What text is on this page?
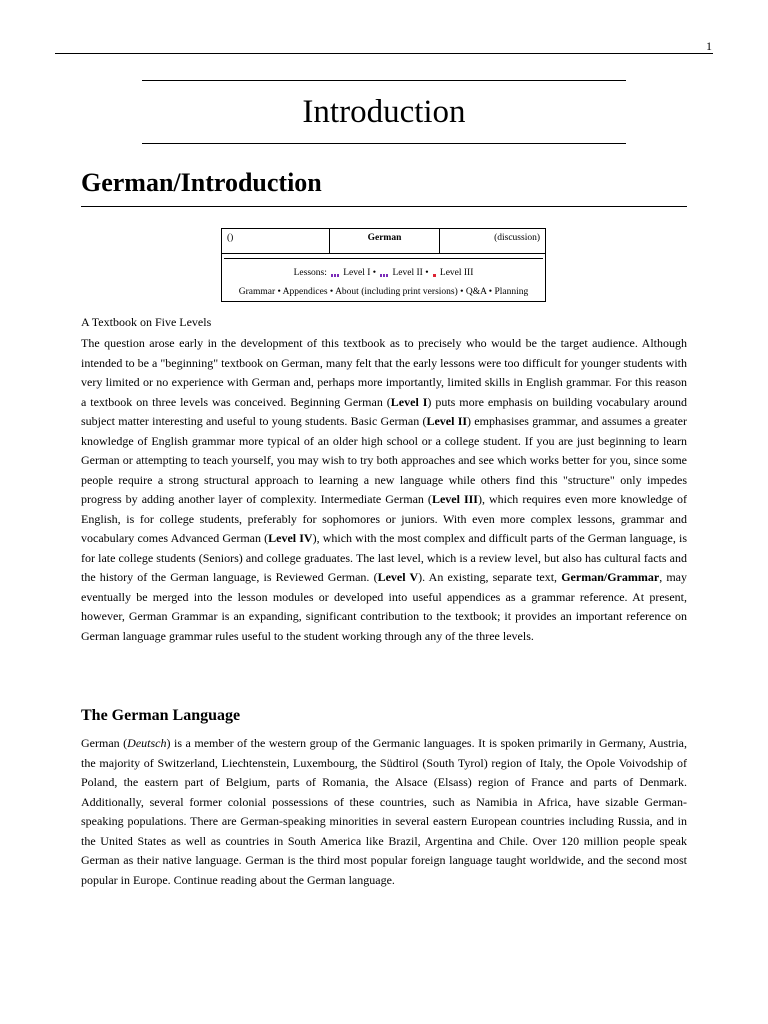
1
Introduction
German/Introduction
()	German	(discussion)
Lessons: Level I • Level II • Level III
Grammar • Appendices • About (including print versions) • Q&A • Planning
A Textbook on Five Levels

The question arose early in the development of this textbook as to precisely who would be the target audience. Although intended to be a "beginning" textbook on German, many felt that the early lessons were too difficult for younger students with very limited or no experience with German and, perhaps more importantly, limited skills in English grammar. For this reason a textbook on three levels was conceived. Beginning German (Level I) puts more emphasis on building vocabulary around subject matter interesting and useful to young students. Basic German (Level II) emphasises grammar, and assumes a greater knowledge of English grammar more typical of an older high school or a college student. If you are just beginning to learn German or attempting to teach yourself, you may wish to try both approaches and see which works better for you, since some people require a strong structural approach to learning a new language while others find this "structure" only impedes progress by adding another layer of complexity. Intermediate German (Level III), which requires even more knowledge of English, is for college students, preferably for sophomores or juniors. With even more complex lessons, grammar and vocabulary comes Advanced German (Level IV), which with the most complex and difficult parts of the German language, is for late college students (Seniors) and college graduates. The last level, which is a review level, but also has cultural facts and the history of the German language, is Reviewed German. (Level V). An existing, separate text, German/Grammar, may eventually be merged into the lesson modules or developed into useful appendices as a grammar reference. At present, however, German Grammar is an expanding, significant contribution to the textbook; it provides an important reference on German language grammar rules useful to the student working through any of the three levels.

The German Language

German (Deutsch) is a member of the western group of the Germanic languages. It is spoken primarily in Germany, Austria, the majority of Switzerland, Liechtenstein, Luxembourg, the Südtirol (South Tyrol) region of Italy, the Opole Voivodship of Poland, the eastern part of Belgium, parts of Romania, the Alsace (Elsass) region of France and parts of Denmark. Additionally, several former colonial possessions of these countries, such as Namibia in Africa, have sizable German-speaking populations. There are German-speaking minorities in several eastern European countries including Russia, and in the United States as well as countries in South America like Brazil, Argentina and Chile. Over 120 million people speak German as their native language. German is the third most popular foreign language taught worldwide, and the second most popular in Europe. Continue reading about the German language.
